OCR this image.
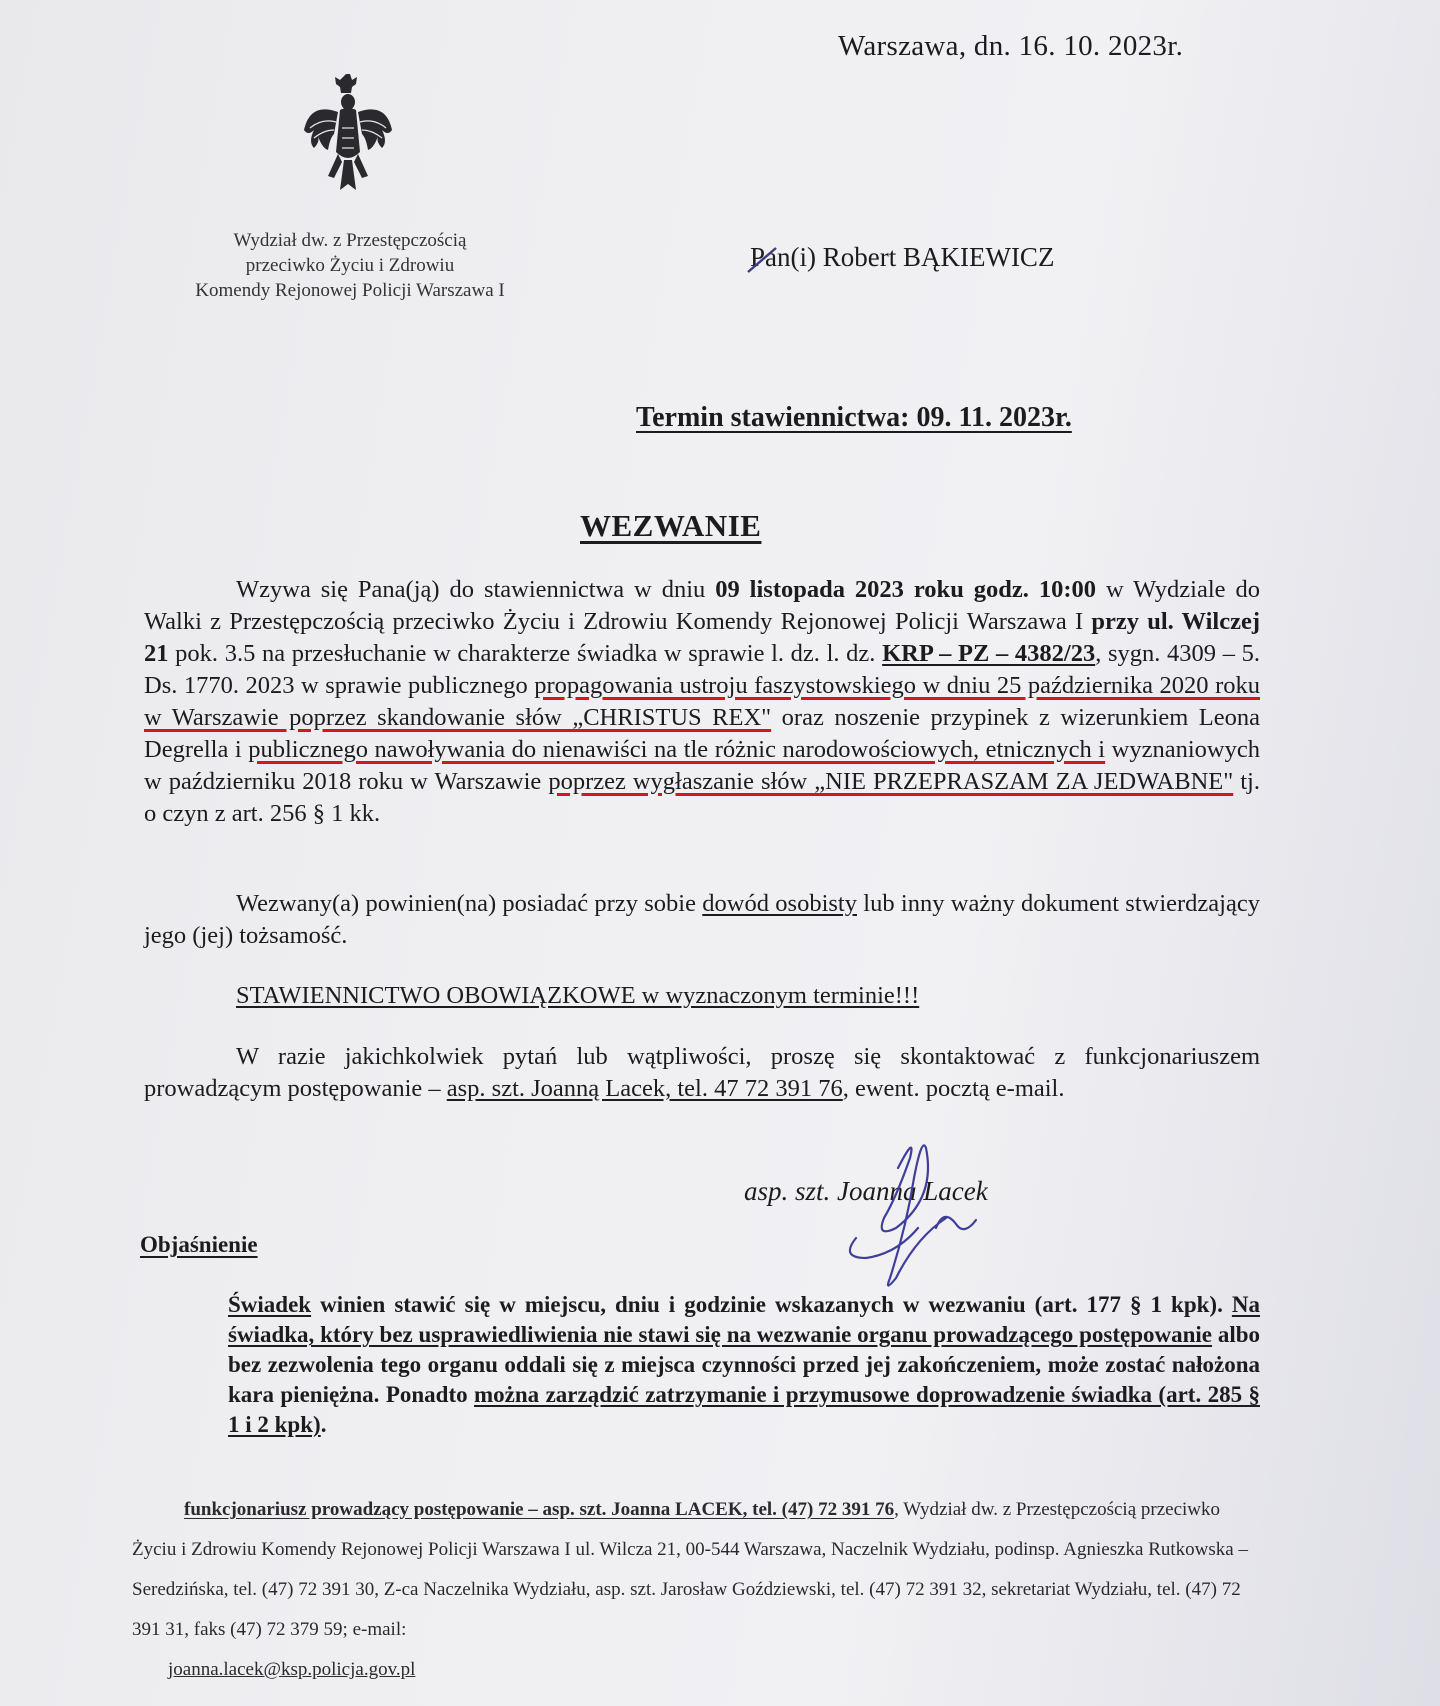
Warszawa, dn. 16. 10. 2023r.
Wydział dw. z Przestępczością
przeciwko Życiu i Zdrowiu
Komendy Rejonowej Policji Warszawa I
Pan(i) Robert BĄKIEWICZ
Termin stawiennictwa: 09. 11. 2023r.
WEZWANIE

Wzywa się Pana(ją) do stawiennictwa w dniu 09 listopada 2023 roku godz. 10:00 w Wydziale do Walki z Przestępczością przeciwko Życiu i Zdrowiu Komendy Rejonowej Policji Warszawa I przy ul. Wilczej 21 pok. 3.5 na przesłuchanie w charakterze świadka w sprawie l. dz. l. dz. KRP – PZ – 4382/23, sygn. 4309 – 5. Ds. 1770. 2023 w sprawie publicznego propagowania ustroju faszystowskiego w dniu 25 października 2020 roku w Warszawie poprzez skandowanie słów „CHRISTUS REX" oraz noszenie przypinek z wizerunkiem Leona Degrella i publicznego nawoływania do nienawiści na tle różnic narodowościowych, etnicznych i wyznaniowych w październiku 2018 roku w Warszawie poprzez wygłaszanie słów „NIE PRZEPRASZAM ZA JEDWABNE" tj. o czyn z art. 256 § 1 kk.

Wezwany(a) powinien(na) posiadać przy sobie dowód osobisty lub inny ważny dokument stwierdzający jego (jej) tożsamość.

STAWIENNICTWO OBOWIĄZKOWE w wyznaczonym terminie!!!

W razie jakichkolwiek pytań lub wątpliwości, proszę się skontaktować z funkcjonariuszem prowadzącym postępowanie – asp. szt. Joanną Lacek, tel. 47 72 391 76, ewent. pocztą e-mail.

asp. szt. Joanna Lacek
Objaśnienie
Świadek winien stawić się w miejscu, dniu i godzinie wskazanych w wezwaniu (art. 177 § 1 kpk). Na świadka, który bez usprawiedliwienia nie stawi się na wezwanie organu prowadzącego postępowanie albo bez zezwolenia tego organu oddali się z miejsca czynności przed jej zakończeniem, może zostać nałożona kara pieniężna. Ponadto można zarządzić zatrzymanie i przymusowe doprowadzenie świadka (art. 285 § 1 i 2 kpk).
funkcjonariusz prowadzący postępowanie – asp. szt. Joanna LACEK, tel. (47) 72 391 76, Wydział dw. z Przestępczością przeciwko Życiu i Zdrowiu Komendy Rejonowej Policji Warszawa I ul. Wilcza 21, 00-544 Warszawa, Naczelnik Wydziału, podinsp. Agnieszka Rutkowska – Seredzińska, tel. (47) 72 391 30, Z-ca Naczelnika Wydziału, asp. szt. Jarosław Goździewski, tel. (47) 72 391 32, sekretariat Wydziału, tel. (47) 72 391 31, faks (47) 72 379 59; e-mail:
joanna.lacek@ksp.policja.gov.pl
